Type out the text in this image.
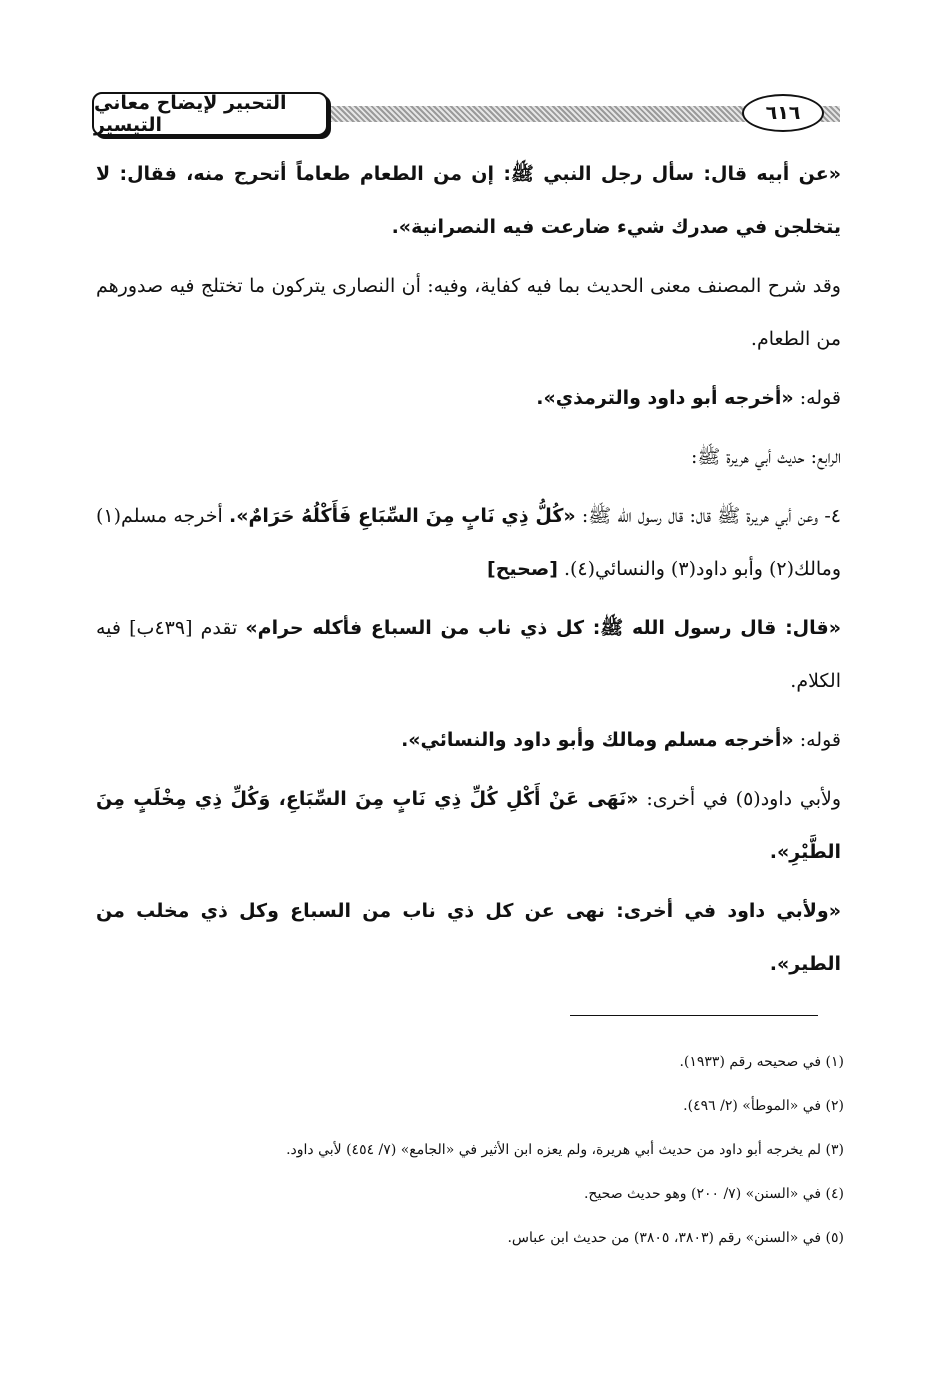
التحبير لإيضاح معاني التيسير
٦١٦

«عن أبيه قال: سأل رجل النبي ﷺ: إن من الطعام طعاماً أتحرج منه، فقال: لا يتخلجن في صدرك شيء ضارعت فيه النصرانية».

وقد شرح المصنف معنى الحديث بما فيه كفاية، وفيه: أن النصارى يتركون ما تختلج فيه صدورهم من الطعام.

قوله: «أخرجه أبو داود والترمذي».

الرابع: حديث أبي هريرة ﷺ:

٤- وعن أبي هريرة ﷺ قال: قال رسول الله ﷺ: «كُلُّ ذِي نَابٍ مِنَ السِّبَاعِ فَأَكْلُهُ حَرَامٌ». أخرجه مسلم(١) ومالك(٢) وأبو داود(٣) والنسائي(٤). [صحيح]

«قال: قال رسول الله ﷺ: كل ذي ناب من السباع فأكله حرام» تقدم [٤٣٩ب] فيه الكلام.

قوله: «أخرجه مسلم ومالك وأبو داود والنسائي».

ولأبي داود(٥) في أخرى: «نَهَى عَنْ أَكْلِ كُلِّ ذِي نَابٍ مِنَ السِّبَاعِ، وَكُلِّ ذِي مِخْلَبٍ مِنَ الطَّيْرِ».

«ولأبي داود في أخرى: نهى عن كل ذي ناب من السباع وكل ذي مخلب من الطير».

(١) في صحيحه رقم (١٩٣٣).

(٢) في «الموطأ» (٢/ ٤٩٦).

(٣) لم يخرجه أبو داود من حديث أبي هريرة، ولم يعزه ابن الأثير في «الجامع» (٧/ ٤٥٤) لأبي داود.

(٤) في «السنن» (٧/ ٢٠٠) وهو حديث صحيح.

(٥) في «السنن» رقم (٣٨٠٣، ٣٨٠٥) من حديث ابن عباس.
